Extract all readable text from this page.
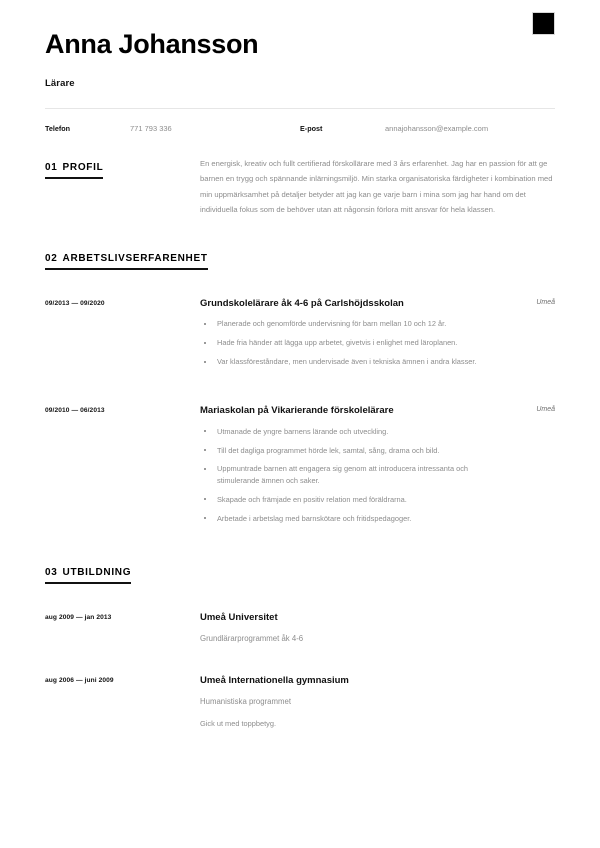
Anna Johansson
Lärare
Telefon	771 793 336	E-post	annajohansson@example.com
01 PROFIL	En energisk, kreativ och fullt certifierad förskollärare med 3 års erfarenhet. Jag har en passion för att ge barnen en trygg och spännande inlärningsmiljö. Min starka organisatoriska färdigheter i kombination med min uppmärksamhet på detaljer betyder att jag kan ge varje barn i mina som jag har hand om det individuella fokus som de behöver utan att någonsin förlora mitt ansvar för hela klassen.

02 ARBETSLIVSERFARENHET
09/2013 — 09/2020	Grundskolelärare åk 4-6 på Carlshöjdsskolan
Planerade och genomförde undervisning för barn mellan 10 och 12 år.
Hade fria händer att lägga upp arbetet, givetvis i enlighet med läroplanen.
Var klassföreståndare, men undervisade även i tekniska ämnen i andra klasser.
Umeå
09/2010 — 06/2013	Mariaskolan på Vikarierande förskolelärare
Utmanade de yngre barnens lärande och utveckling.
Till det dagliga programmet hörde lek, samtal, sång, drama och bild.
Uppmuntrade barnen att engagera sig genom att introducera intressanta och stimulerande ämnen och saker.
Skapade och främjade en positiv relation med föräldrarna.
Arbetade i arbetslag med barnskötare och fritidspedagoger.
Umeå
03 UTBILDNING
aug 2009 — jan 2013	Umeå Universitet
Grundlärarprogrammet åk 4-6
aug 2006 — juni 2009	Umeå Internationella gymnasium
Humanistiska programmet
Gick ut med toppbetyg.
